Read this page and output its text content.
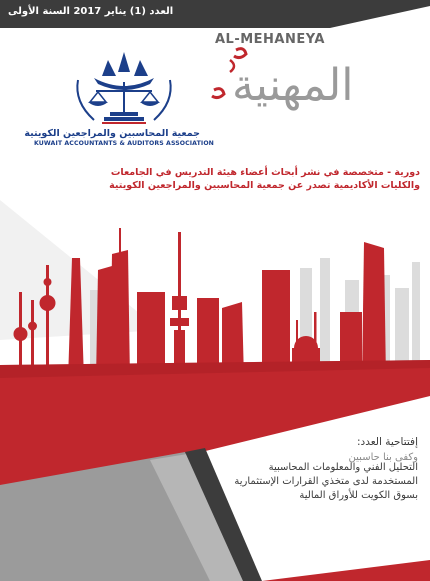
العدد (1) يناير 2017 السنة الأولى
جمعية المحاسبين والمراجعين الكويتية
KUWAIT ACCOUNTANTS & AUDITORS ASSOCIATION
AL-MEHANEYA
المهنية
دورية - متخصصة في نشر أبحاث أعضاء هيئة التدريس في الجامعات والكليات الأكاديمية تصدر عن جمعية المحاسبين والمراجعين الكويتية
إفتتاحية العدد:
وكفى بنا حاسبين
التحليل الفني والمعلومات المحاسبية المستخدمة لدى متخذي القرارات الإستثمارية بسوق الكويت للأوراق المالية
